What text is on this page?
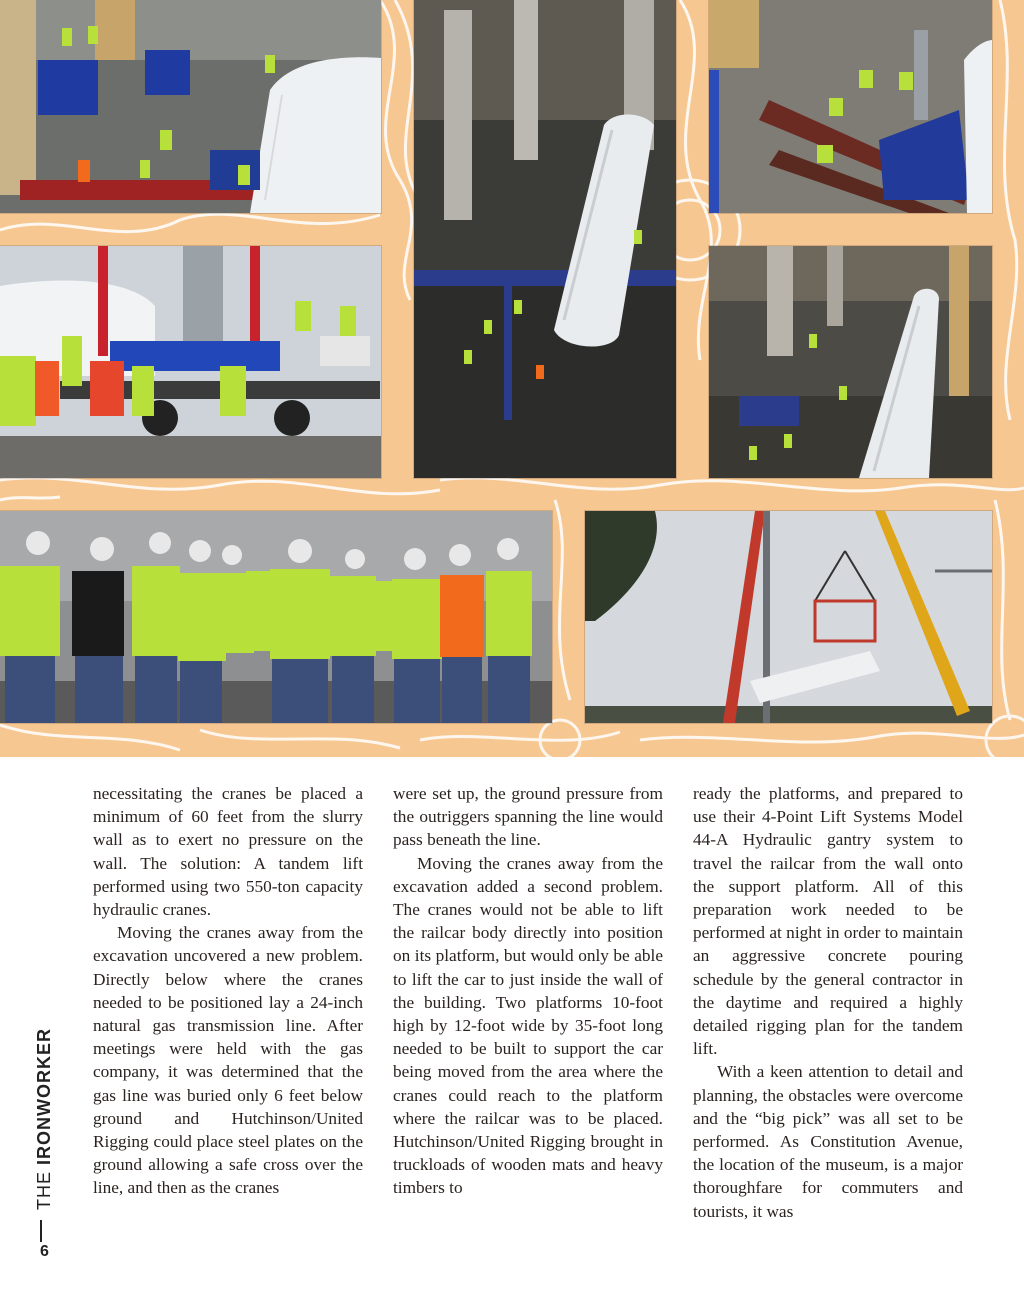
necessitating the cranes be placed a minimum of 60 feet from the slurry wall as to exert no pressure on the wall. The solution: A tandem lift performed using two 550-ton capacity hydraulic cranes.

Moving the cranes away from the excavation uncovered a new problem. Directly below where the cranes needed to be positioned lay a 24-inch natural gas transmission line. After meetings were held with the gas company, it was determined that the gas line was buried only 6 feet below ground and Hutchinson/United Rigging could place steel plates on the ground allowing a safe cross over the line, and then as the cranes

were set up, the ground pressure from the outriggers spanning the line would pass beneath the line.

Moving the cranes away from the excavation added a second problem. The cranes would not be able to lift the railcar body directly into position on its platform, but would only be able to lift the car to just inside the wall of the building. Two platforms 10-foot high by 12-foot wide by 35-foot long needed to be built to support the car being moved from the area where the cranes could reach to the platform where the railcar was to be placed. Hutchinson/United Rigging brought in truckloads of wooden mats and heavy timbers to

ready the platforms, and prepared to use their 4-Point Lift Systems Model 44-A Hydraulic gantry system to travel the railcar from the wall onto the support platform. All of this preparation work needed to be performed at night in order to maintain an aggressive concrete pouring schedule by the general contractor in the daytime and required a highly detailed rigging plan for the tandem lift.

With a keen attention to detail and planning, the obstacles were overcome and the “big pick” was all set to be performed. As Constitution Avenue, the location of the museum, is a major thoroughfare for commuters and tourists, it was

THEIRONWORKER
6
